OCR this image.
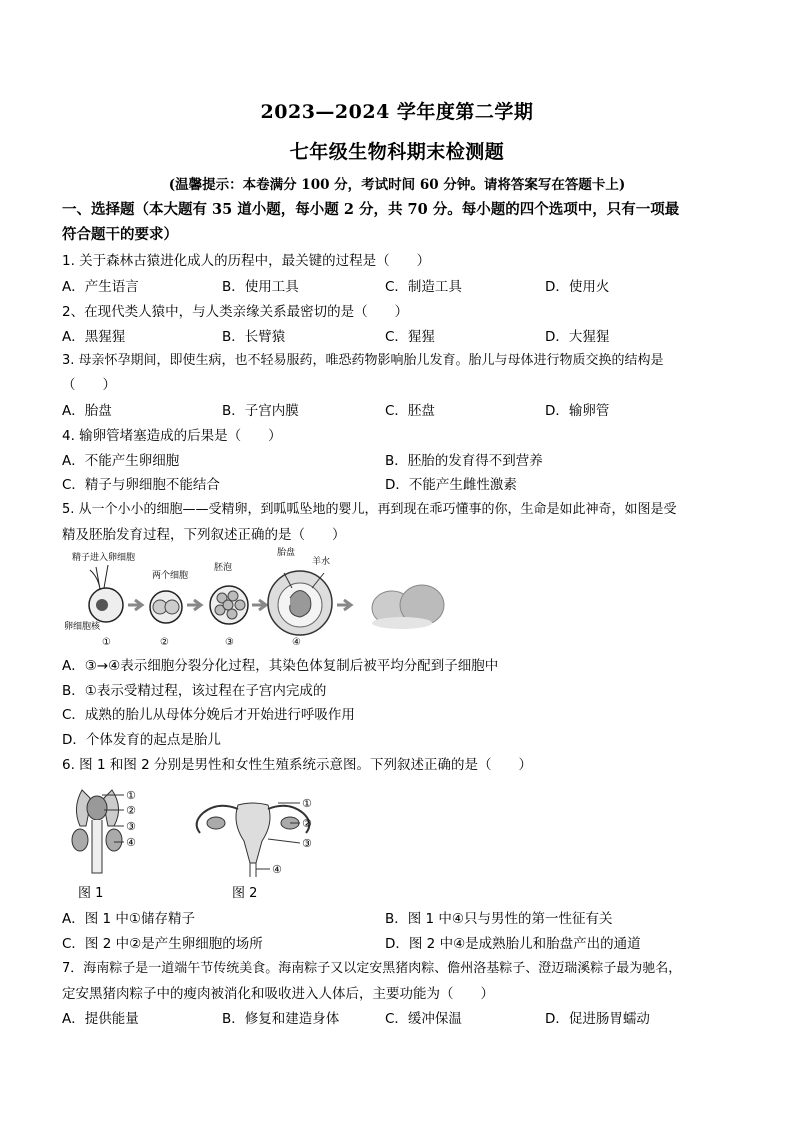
2023—2024 学年度第二学期
七年级生物科期末检测题
(温馨提示：本卷满分 100 分，考试时间 60 分钟。请将答案写在答题卡上)
一、选择题（本大题有 35 道小题，每小题 2 分，共 70 分。每小题的四个选项中，只有一项最
符合题干的要求）
1. 关于森林古猿进化成人的历程中，最关键的过程是（　　）
A．产生语言	B．使用工具	C．制造工具	D．使用火
2、在现代类人猿中，与人类亲缘关系最密切的是（　　）
A．黑猩猩	B．长臂猿	C．猩猩	D．大猩猩
3. 母亲怀孕期间，即使生病，也不轻易服药，唯恐药物影响胎儿发育。胎儿与母体进行物质交换的结构是
（　　）
A．胎盘	B．子宫内膜	C．胚盘	D．输卵管
4. 输卵管堵塞造成的后果是（　　）
A．不能产生卵细胞	B．胚胎的发育得不到营养
C．精子与卵细胞不能结合	D．不能产生雌性激素
5. 从一个小小的细胞——受精卵，到呱呱坠地的婴儿，再到现在乖巧懂事的你，生命是如此神奇，如图是受
精及胚胎发育过程，下列叙述正确的是（　　）
精子进入卵细胞
卵细胞核
两个细胞
胚泡
胎盘
羊水
①	②	③	④
A．③→④表示细胞分裂分化过程，其染色体复制后被平均分配到子细胞中
B．①表示受精过程，该过程在子宫内完成的
C．成熟的胎儿从母体分娩后才开始进行呼吸作用
D．个体发育的起点是胎儿
6. 图 1 和图 2 分别是男性和女性生殖系统示意图。下列叙述正确的是（　　）
①
②
③
④
图 1
①
②
③
④
图 2
A．图 1 中①储存精子	B．图 1 中④只与男性的第一性征有关
C．图 2 中②是产生卵细胞的场所	D．图 2 中④是成熟胎儿和胎盘产出的通道
7．海南粽子是一道端午节传统美食。海南粽子又以定安黑猪肉粽、儋州洛基粽子、澄迈瑞溪粽子最为驰名，
定安黑猪肉粽子中的瘦肉被消化和吸收进入人体后，主要功能为（　　）
A．提供能量	B．修复和建造身体	C．缓冲保温	D．促进肠胃蠕动
